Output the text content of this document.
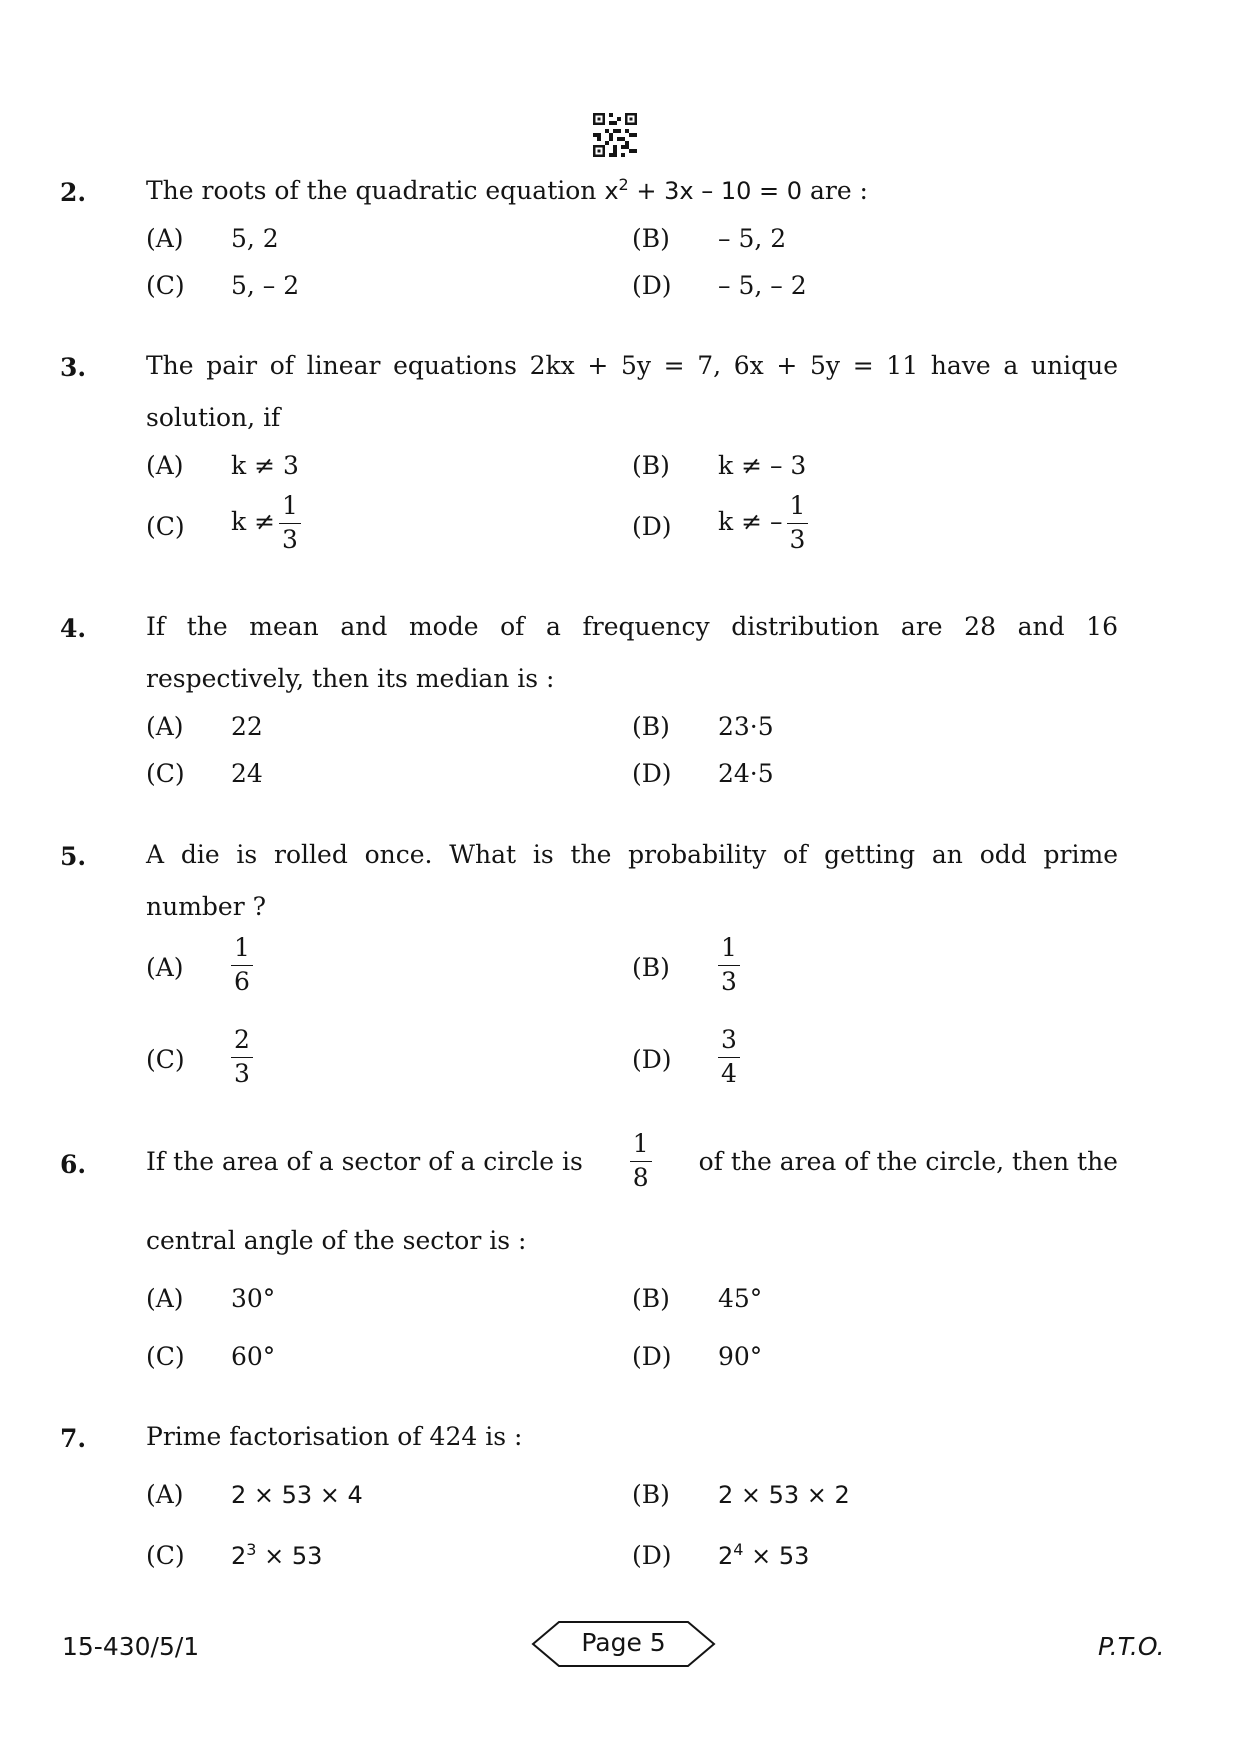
2. The roots of the quadratic equation $x^2 + 3x - 10 = 0$ are :
(A) 5, 2	(B) – 5, 2
(C) 5, – 2	(D) – 5, – 2
3. The pair of linear equations 2kx + 5y = 7, 6x + 5y = 11 have a unique
solution, if
(A) k ≠ 3	(B) k ≠ – 3
(C) $k \ne \frac{1}{3}$	(D) k ≠ – $\frac{1}{3}$
4. If the mean and mode of a frequency distribution are 28 and 16
respectively, then its median is :
(A) 22	(B) 23·5
(C) 24	(D) 24·5
5. A die is rolled once. What is the probability of getting an odd prime
number ?
$(A) \frac{1}{6}$	$(B) \frac{1}{3}$
$(C) \frac{2}{3}$	$(D) \frac{3}{4}$
6. If the area of a sector of a circle is $\frac{1}{8}$ of the area of the circle, then the
central angle of the sector is :
(A) 30°	(B) 45°
(C) 60°	(D) 90°
7. Prime factorisation of 424 is :
(A) 2 × 53 × 4	(B) 2 × 53 × 2
(C) $2^3 \times 53$	(D) $2^4 \times 53$
15-430/5/1	Page 5	P.T.O.
